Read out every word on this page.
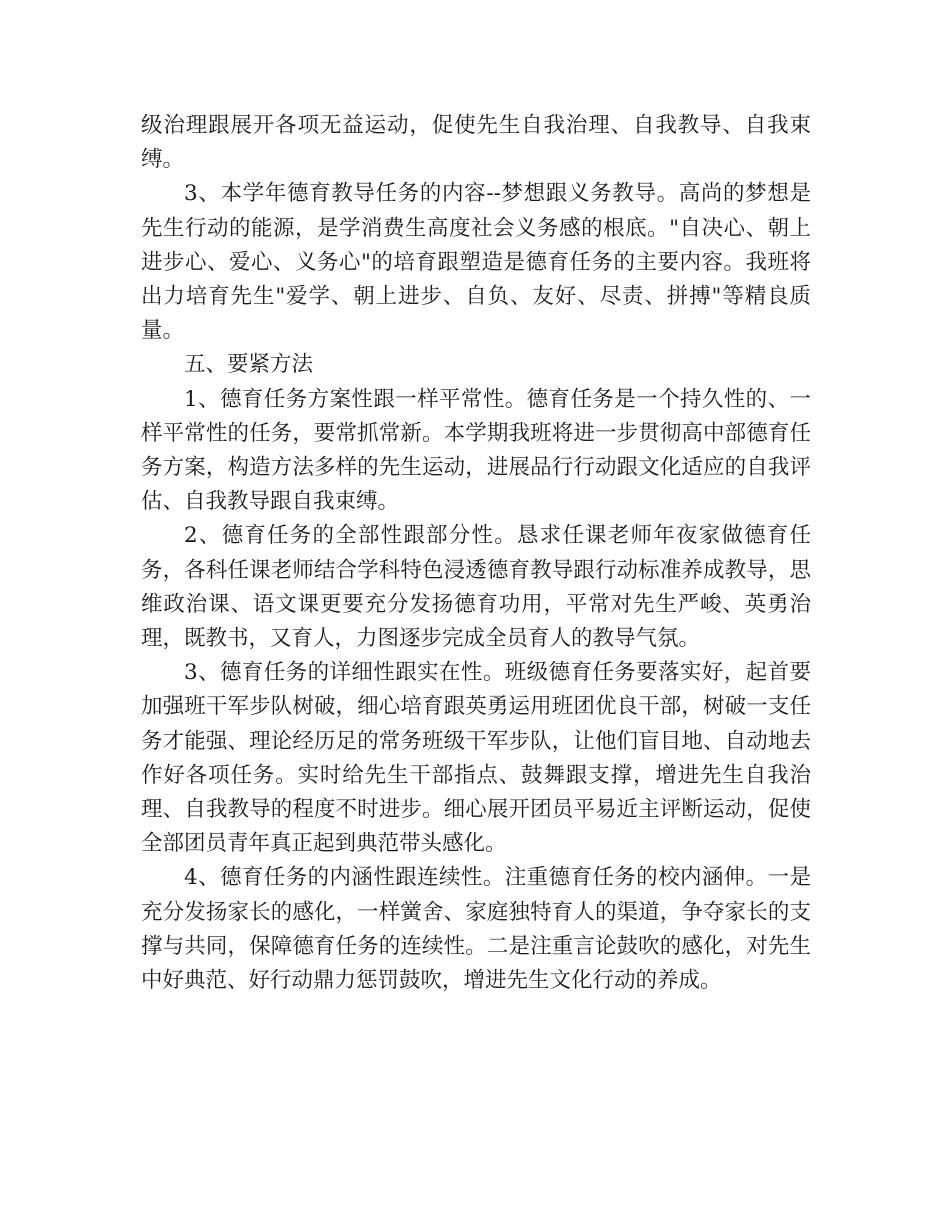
级治理跟展开各项无益运动，促使先生自我治理、自我教导、自我束缚。

3、本学年德育教导任务的内容--梦想跟义务教导。高尚的梦想是先生行动的能源，是学消费生高度社会义务感的根底。"自决心、朝上进步心、爱心、义务心"的培育跟塑造是德育任务的主要内容。我班将出力培育先生"爱学、朝上进步、自负、友好、尽责、拼搏"等精良质量。

五、要紧方法

1、德育任务方案性跟一样平常性。德育任务是一个持久性的、一样平常性的任务，要常抓常新。本学期我班将进一步贯彻高中部德育任务方案，构造方法多样的先生运动，进展品行行动跟文化适应的自我评估、自我教导跟自我束缚。

2、德育任务的全部性跟部分性。恳求任课老师年夜家做德育任务，各科任课老师结合学科特色浸透德育教导跟行动标准养成教导，思维政治课、语文课更要充分发扬德育功用，平常对先生严峻、英勇治理，既教书，又育人，力图逐步完成全员育人的教导气氛。

3、德育任务的详细性跟实在性。班级德育任务要落实好，起首要加强班干军步队树破，细心培育跟英勇运用班团优良干部，树破一支任务才能强、理论经历足的常务班级干军步队，让他们盲目地、自动地去作好各项任务。实时给先生干部指点、鼓舞跟支撑，增进先生自我治理、自我教导的程度不时进步。细心展开团员平易近主评断运动，促使全部团员青年真正起到典范带头感化。

4、德育任务的内涵性跟连续性。注重德育任务的校内涵伸。一是充分发扬家长的感化，一样黉舍、家庭独特育人的渠道，争夺家长的支撑与共同，保障德育任务的连续性。二是注重言论鼓吹的感化，对先生中好典范、好行动鼎力惩罚鼓吹，增进先生文化行动的养成。
